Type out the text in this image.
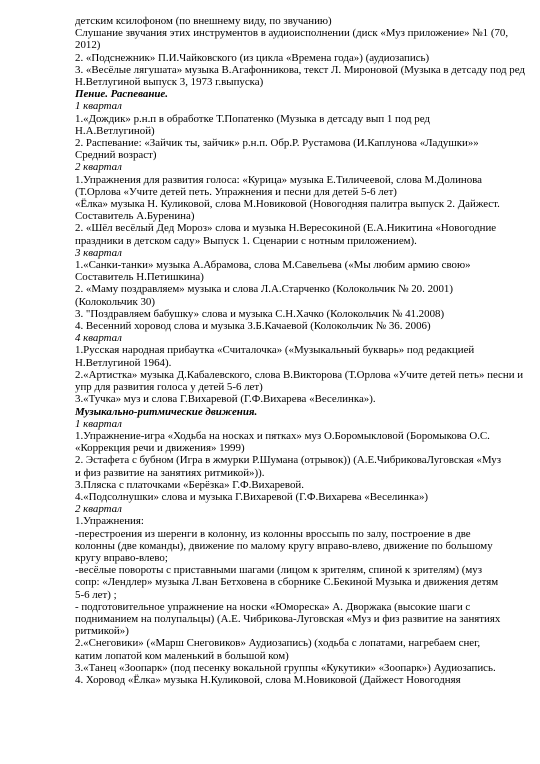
детским ксилофоном (по внешнему виду, по звучанию)

Слушание звучания этих инструментов в аудиоисполнении (диск «Муз приложение» №1 (70,

2012)

2. «Подснежник» П.И.Чайковского (из цикла «Времена года») (аудиозапись)

3. «Весёлые лягушата» музыка В.Агафонникова, текст Л. Мироновой (Музыка в детсаду под ред

Н.Ветлугиной выпуск 3, 1973 г.выпуска)

Пение. Распевание.

1 квартал

1.«Дождик» р.н.п в обработке Т.Попатенко (Музыка в детсаду вып 1 под ред

Н.А.Ветлугиной)

2. Распевание: «Зайчик ты, зайчик» р.н.п. Обр.Р. Рустамова (И.Каплунова «Ладушки»»

Средний возраст)

2 квартал

1.Упражнения для развития голоса: «Курица» музыка Е.Тиличеевой, слова М.Долинова

(Т.Орлова «Учите детей петь. Упражнения и песни для детей 5-6 лет)

«Ёлка» музыка Н. Куликовой, слова М.Новиковой (Новогодняя палитра выпуск 2. Дайжест.

Составитель А.Буренина)

2. «Шёл весёлый Дед Мороз» слова и музыка Н.Вересокиной (Е.А.Никитина «Новогодние

праздники в детском саду» Выпуск 1. Сценарии с нотным приложением).

3 квартал

1.«Санки-танки» музыка А.Абрамова, слова М.Савельева («Мы любим армию свою»

Составитель Н.Петишкина)

2. «Маму поздравляем» музыка и слова Л.А.Старченко (Колокольчик № 20. 2001)

(Колокольчик 30)

3. "Поздравляем бабушку» слова и музыка С.Н.Хачко (Колокольчик № 41.2008)

4. Весенний хоровод слова и музыка З.Б.Качаевой (Колокольчик № 36. 2006)

4 квартал

1.Русская народная прибаутка «Считалочка» («Музыкальный букварь» под редакцией

Н.Ветлугиной 1964).

2.«Артистка» музыка Д.Кабалевского, слова В.Викторова (Т.Орлова «Учите детей петь» песни и

упр для развития голоса у детей 5-6 лет)

3.«Тучка» муз и слова Г.Вихаревой (Г.Ф.Вихарева «Веселинка»).

Музыкально-ритмические движения.

1 квартал

1.Упражнение-игра «Ходьба на носках и пятках» муз О.Боромыкловой (Боромыкова О.С.

«Коррекция речи и движения» 1999)

2. Эстафета с бубном (Игра в жмурки Р.Шумана (отрывок)) (А.Е.ЧибриковаЛуговская «Муз

и физ развитие на занятиях ритмикой»)).

3.Пляска с платочками «Берёзка» Г.Ф.Вихаревой.

4.«Подсолнушки» слова и музыка Г.Вихаревой (Г.Ф.Вихарева «Веселинка»)

2 квартал

1.Упражнения:

-перестроения из шеренги в колонну, из колонны вроссыпь по залу, построение в две

колонны (две команды), движение по малому кругу вправо-влево, движение по большому

кругу вправо-влево;

-весёлые повороты с приставными шагами (лицом к зрителям, спиной к зрителям) (муз

сопр: «Лендлер» музыка Л.ван Бетховена в сборнике С.Бекиной Музыка и движения детям

5-6 лет) ;

- подготовительное упражнение на носки «Юмореска» А. Дворжака (высокие шаги с

подниманием на полупальцы) (А.Е. Чибрикова-Луговская «Муз и физ развитие на занятиях

ритмикой»)

2.«Снеговики» («Марш Снеговиков» Аудиозапись) (ходьба с лопатами, нагребаем снег,

катим лопатой ком маленький в большой ком)

3.«Танец «Зоопарк» (под песенку вокальной группы «Кукутики» «Зоопарк») Аудиозапись.

4. Хоровод «Ёлка» музыка Н.Куликовой, слова М.Новиковой (Дайжест Новогодняя
